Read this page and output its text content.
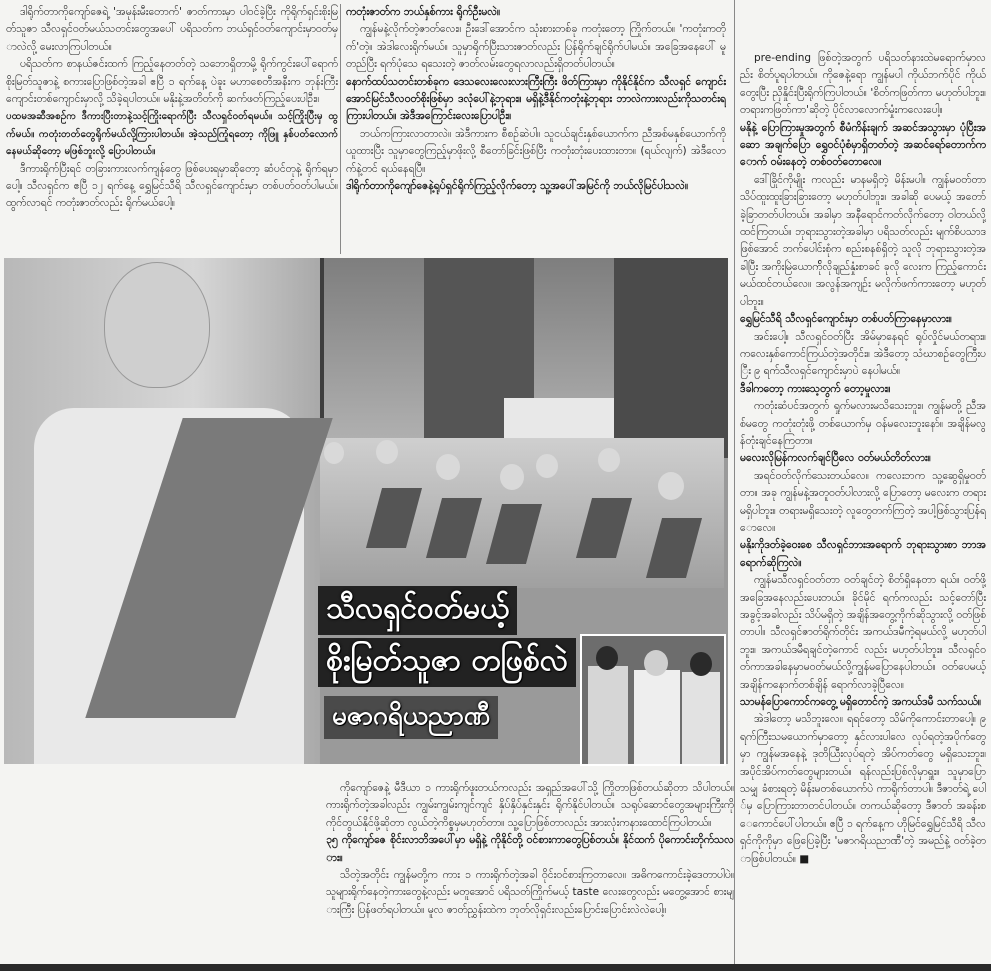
ဒါရိုက်တာကိုကျော်ဇေရဲ့ 'အမုန်းမီးတောက်' ဇာတ်ကားမှာ ပါဝင်ခဲ့ပြီး ကိုရိုက်ရှင်းစိုးမြတ်သူဇာ သီလရှင်ဝတ်မယ်သတင်းတွေအပေါ် ပရိသတ်က ဘယ်ရှင်ဝတ်ကျောင်းမှာဝတ်မှာလဲလို့ မေးလာကြပါတယ်။

ပရိသတ်က စာနယ်ဇင်းထက် ကြည့်နေတတ်တဲ့ သဘောရှိတာမို့ ရိုက်ကွင်းပေါ်ရောက် စိုးမြတ်သူဇာနဲ့ စကားပြောဖြစ်တဲ့အခါ ဧပြီ ၁ ရက်နေ့ ပဲခူး မဟာစေတီအနီးက ဘုန်းကြီးကျောင်းတစ်ကျောင်းမှာလို့ သိခဲ့ရပါတယ်။ မနိုးနဲ့အတိတ်ကို ဆက်ဖတ်ကြည့်ပေးပါဦး။

ပထမအဆီအစဉ်က ဒီကားပြီးတာနဲ့သင့်ကြိုးရောက်ပြီး သီလရှင်ဝတ်ရမယ်။ သင့်ကြိုးပြီးမှ ထွက်မယ်။ ကတုံးတတ်တွေရိုက်မယ်လို့ကြားပါတယ်။ အဲ့သည်ကြုံရတော့ ကိုဖြူ နှစ်ပတ်လောက်နေမယ်ဆိုတော့ မဖြစ်ဘူးလို့ ပြောပါတယ်။

ဒီကားရိုက်ပြီးရင် တခြားကားလက်ကျန်တွေ ဖြစ်ပေးရမှာဆိုတော့ ဆံပင်တုနဲ့ ရိုက်ရမှာပေါ့။ သီလရှင်က ဧပြီ ၁၂ ရက်နေ့ ရွှေမြင်သီရိ သီလရှင်ကျောင်းမှာ တစ်ပတ်ဝတ်ပါမယ်။ ထွက်လာရင် ကတုံးဇာတ်လည်း ရိုက်မယ်ပေါ့။

ကတုံးဇာတ်က ဘယ်နှစ်ကား ရိုက်ဦးမလဲ။

ကျွန်မနဲ့လိုက်တဲ့ဇာတ်လေး။ ဦးဒေါ်အောင်က သုံးစားတစ်ခု ကတုံးတော့ ကြိုက်တယ်။ 'ကတုံးကတိုက်'တဲ့။ အဲဒါလေးရိုက်မယ်။ သူမှာရိုက်ပြီးသားဇာတ်လည်း ပြန်ရိုက်ချင်ရိုက်ပါမယ်။ အခြေအနေပေါ် မူတည်ပြီး ရက်ပုံသေ ရသေးတဲ့ ဇာတ်လမ်းတွေရလာလည်းရှိတတ်ပါတယ်။

နောက်ထပ်သတင်းတစ်ခုက ဒေသလေးလေးလားကြီးကြီး ဖိတ်ကြားမှာ ကိုနိုင်နိုင်က သီလရှင် ကျောင်းအောင်မြင်သီလဝတ်စိုးဖြစ်မှာ ဒလုံပေါ်နဲ့ဘုရား။ မရှိနဲ့ဒီနိုင်ကတုံးနဲ့ဘုရား ဘာလဲကားလည်းကိုသတင်းရကြားပါတယ်။ အဲဒီအကြောင်းလေးပြောပါဦး။

ဘယ်ကကြားလာတာလဲ။ အဲဒီကားက စီစဉ်ဆဲပါ။ သူငယ်ချင်းနှစ်ယောက်က ညီအစ်မနှစ်ယောက်ကိုယူထားပြီး သူမှာတွေကြည့်မှာဖိုးလို့ စီတော်ခြင်းဖြစ်ပြီး ကတုံးတုံးပေးထားတာ။ (ရယ်လျက်) အဲဒီလောက်နဲ့တင် ရယ်နေရပြီ။

ဒါရိုက်တာကိုကျော်ဇေနဲ့ရုပ်ရှင်ရိုက်ကြည့်လိုက်တော့ သူ့အပေါ်အမြင်ကို ဘယ်လိုမြင်ပါသလဲ။

pre-ending ဖြစ်တဲ့အတွက် ပရိသတ်နားထဲမရောက်မှာလည်း စိတ်ပူရပါတယ်။ ကိုဇေနဲ့ရော ကျွန်မပါ ကိုယ်ဘက်ပိုင် ကိုယ်တွေးပြီး ညှိနှိုင်းပြီးရိုက်ကြပါတယ်။ 'စိတ်ကဖြတ်ကာ မဟုတ်ပါဘူး။ တရားကဖြတ်ကာ'ဆိုတဲ့ ပိုင်လာလောက်မှုံးကလေးပေါ့။

မနိုနဲ့ ပြောကြားမှုအတွက် စီမံကိန်းချက် အဆင်အသွားမှာ ပုံပြီးအဆော အချက်ပြော ရွှေဝင်ပုံစံမှာရှိတတ်တဲ့ အဆင်ရော်တောက်ကောက် ဝမ်းနေတဲ့ တစ်ဝတ်တောလေ။

ဒေါ်ခြိုင်ကိုမျိုး ကလည်း မာနမရှိတဲ့ မိန်းမပါ။ ကျွန်မဝတ်တာ သိပ်ထူးထူးခြားခြားတော့ မဟုတ်ပါဘူး။ အခါဆို ပေမယ့် အတော်ခဲ့ခြာတတ်ပါတယ်။ အခါမှာ အနီရောင်ကတ်လိုက်တော့ ဝါတယ်လို့ထင်ကြတယ်။ ဘုရားသွားတဲ့အခါမှာ ပရိသတ်လည်း မျက်စိပသာဒဖြစ်အောင် ဘက်ပေါင်းစုံက စည်းစနစ်ရှိတဲ့ သူလို ဘုရားသွားတဲ့အခါပြီး အကိုးမြဲယောက်ိုလိုချည်နှုံးစာခင် ခုလို လေးက ကြည့်ကောင်းမယ်ထင်တယ်လေ။ အလွန်အကျဉ်း မလိုက်ဖက်ကားတော့ မဟုတ်ပါဘူး။

ရွှေမြင်သီရိ သီလရှင်ကျောင်းမှာ တစ်ပတ်ကြာနေမှာလား။

အင်းပေါ့။ သီလရှင်ဝတ်ပြီး အိမ်မှာနေရင် ရုပ်လှိုင်မယ်တရား။ ကလေးနှစ်ကောင်ကြယ်တဲ့အတိုင်း။ အဲဒီတော့ သံဃာစဉ်တွေကြီးပြီး ၉ ရက်သီလရှင်ကျောင်းမှာပဲ နေပါမယ်။

ဒီခါကတော့ ကားသေ့တွက် တော့မှုလား။

ကတုံးဆံပင်အတွက် ရှုက်မလားမသိသေးဘူး။ ကျွန်မတို့ ညီအစ်မတွေ ကတုံးတုံးဖို့ တစ်ယောက်မှ ဝန်မလေးဘူးနော်။ အချိန်မလွန်တုံးချင်နေကြတာ။

မလေးလိုမြန်ကလက်ချင်ပြီလေ ဝတ်မယ်တိတ်လား။

အရင်ဝတ်လိုက်သေးတယ်လေ။ ကလေးဘက သူ့ဆွေရှိမှုဝတ်တာ။ အခု ကျွန်မနဲ့အတူဝတ်ပါလားလို့ ပြောတော့ မလေးက တရားမရှိပါဘူး။ တရားမရှိသေးတဲ့ လူတွေတက်ကြတဲ့ အပါ့ဖြစ်သွားပြန်ရောလေ။

မနိုးကိုဒတ်ခဲ့ဝေးစေ သီလရှင်ဘားအရောက် ဘုရားသွားစာ ဘာအရောက်ဆိုကြလဲ။

ကျွန်မသီလရှင်ဝတ်တာ ဝတ်ချင်တဲ့ စိတ်ရှိနေတာ ရယ်။ ဝတ်ဖို့အခြေအနေလည်းပေးတယ်။ ခိုင်မိုင် ရက်ကလည်း သင့်တော်ပြီး အခွင့်အခါလည်း သိပ်မရှိတဲ့ အချိန်အတွေ့ကိုက်ဆိုသွားလို့ ဝတ်ဖြစ်တာပါ။ သီလရှင်ဇာတ်ရိုက်တိုင်း အကယ်ဒမီကဲ့ရမယ်လို့ မဟုတ်ပါဘူး။ အကယ်ဒမီရချင်တဲ့ကောင် လည်း မဟုတ်ပါဘူး။ သီလရှင်ဝတ်ကာအခါနေမှာမဝတ်မယ်လို့ကျွန်မပြောနေပါတယ်။ ဝတ်ပေမယ့် အချိန်ကနောက်တစ်ချိန် ရောက်လာခဲ့ပြီလေ။

သာမန်ပြောကောင်ကတွေ့ မရှိတောင်ကဲ့ အကယ်ဒမီ သက်သယ်။

အဲဒါတော့ မသိဘူးလေ။ ရရင်တော့ သိမ်ကိုကောင်းတာပေါ့။ ၉ ရက်ကြီးသမယောက်မှာတော့ နှင်လားပါလေ လုပ်ရတဲ့အပိုက်တွေမှာ ကျွန်မအနေနဲ့ ဒုတိယြီးလုပ်ရတဲ့ အိပ်ကတ်တွေ မရှိသေးဘူး။ အပိုင်အိပ်ကတ်တွေများတယ်။ ရန်လည်းပြစ်လိုမှာရှူး။ သူမှာပြောသမျှ ခံစားရတဲ့ မိန်းမတစ်ယောက်ပဲ ကာရိုက်တာပါ။ ဒီဇာတ်ရဲ့ ပေါ်မှ ပြောကြားတာတင်ပါတယ်။ တကယ်ဆိုတော့ ဒီဇာတ် အခန်းစေကောင်ပေါ်ပါတယ်။ ဧပြီ ၁ ရက်နေ့က ဟိုမြင်ရွှေမြင်သီရိ သီလရှင်ကိုကိုမှာ ဖြေပြေခဲ့ပြီး 'မဇာဂရိယညာဏီ'တဲ့ အမည်နဲ့ ဝတ်ခဲ့တာဖြစ်ပါတယ်။ ■

သီလရှင်ဝတ်မယ့်
စိုးမြတ်သူဇာ တဖြစ်လဲ
မဇာဂရိယညာဏီ

ကိုကျော်ဇေနဲ့ မီဒီယာ ၁ ကားရိုက်ဖူးတယ်ကလည်း အရှည်အပေါ်သို့ ကြိုတာဖြစ်တယ်ဆိုတာ သိပါတယ်။ ကားရိုက်တဲ့အခါလည်း ကျွမ်းကျွမ်းကျင်ကျင် နှိပ်နှိပ်နှင်းနှင်း ရိုက်နိုင်ပါတယ်။ သရုပ်ဆောင်တွေအများကြီးကို ကိုင်တွယ်နိုင်ဖို့ဆိုတာ လွယ်တဲ့ကိစ္စမှမဟုတ်တာ။ သူ့ပြောဖြစ်တာလည်း အားလုံးကနားထောင်ကြပါတယ်။

၃၅ ကိုကျော်ဇေ စိုင်းလာဘိအပေါ်မှာ မရှိနဲ့ ကိုနိုင်တို့ ဝင်စားကာတွေပြစ်တယ်။ နိုင်ထက် ပိုကောင်းတိုက်သလား။

သိတဲ့အတိုင်း ကျွန်မတို့က ကား ၁ ကားရိုက်တဲ့အခါ ဝိုင်းဝင်စားကြတာလေ။ အဓိကကောင်းခဲ့ဒေတာပါပဲ။ သူများရိုက်နေတဲ့ကားတွေနဲ့လည်း မတူအောင် ပရိသတ်ကြိုက်မယ့် taste လေးတွေလည်း မတွေ့အောင် စားများကြီး ပြန်ဖတ်ရပါတယ်။ မူလ ဇာတ်ညွှန်းထဲက ဘုတ်လိုရှင်းလည်းပြောင်းပြောင်းလဲလဲပေါ့။
